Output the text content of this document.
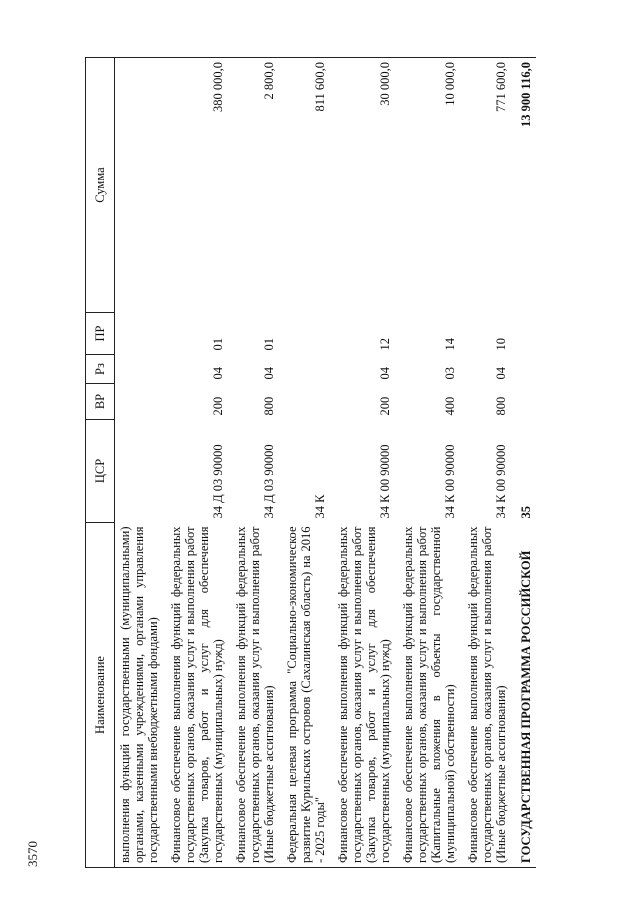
3570
Наименование	ЦСР	ВР	Рз	ПР	Сумма
выполнения функций государственными (муниципальными) органами, казенными учреждениями, органами управления государственными внебюджетными фондами)					
Финансовое обеспечение выполнения функций федеральных государственных органов, оказания услуг и выполнения работ (Закупка товаров, работ и услуг для обеспечения государственных (муниципальных) нужд)	34 Д 03 90000	200	04	01	380 000,0
Финансовое обеспечение выполнения функций федеральных государственных органов, оказания услуг и выполнения работ (Иные бюджетные ассигнования)	34 Д 03 90000	800	04	01	2 800,0
Федеральная целевая программа "Социально-экономическое развитие Курильских островов (Сахалинская область) на 2016 - 2025 годы"	34 К				811 600,0
Финансовое обеспечение выполнения функций федеральных государственных органов, оказания услуг и выполнения работ (Закупка товаров, работ и услуг для обеспечения государственных (муниципальных) нужд)	34 К 00 90000	200	04	12	30 000,0
Финансовое обеспечение выполнения функций федеральных государственных органов, оказания услуг и выполнения работ (Капитальные вложения в объекты государственной (муниципальной) собственности)	34 К 00 90000	400	03	14	10 000,0
Финансовое обеспечение выполнения функций федеральных государственных органов, оказания услуг и выполнения работ (Иные бюджетные ассигнования)	34 К 00 90000	800	04	10	771 600,0
ГОСУДАРСТВЕННАЯ ПРОГРАММА РОССИЙСКОЙ	35				13 900 116,0
